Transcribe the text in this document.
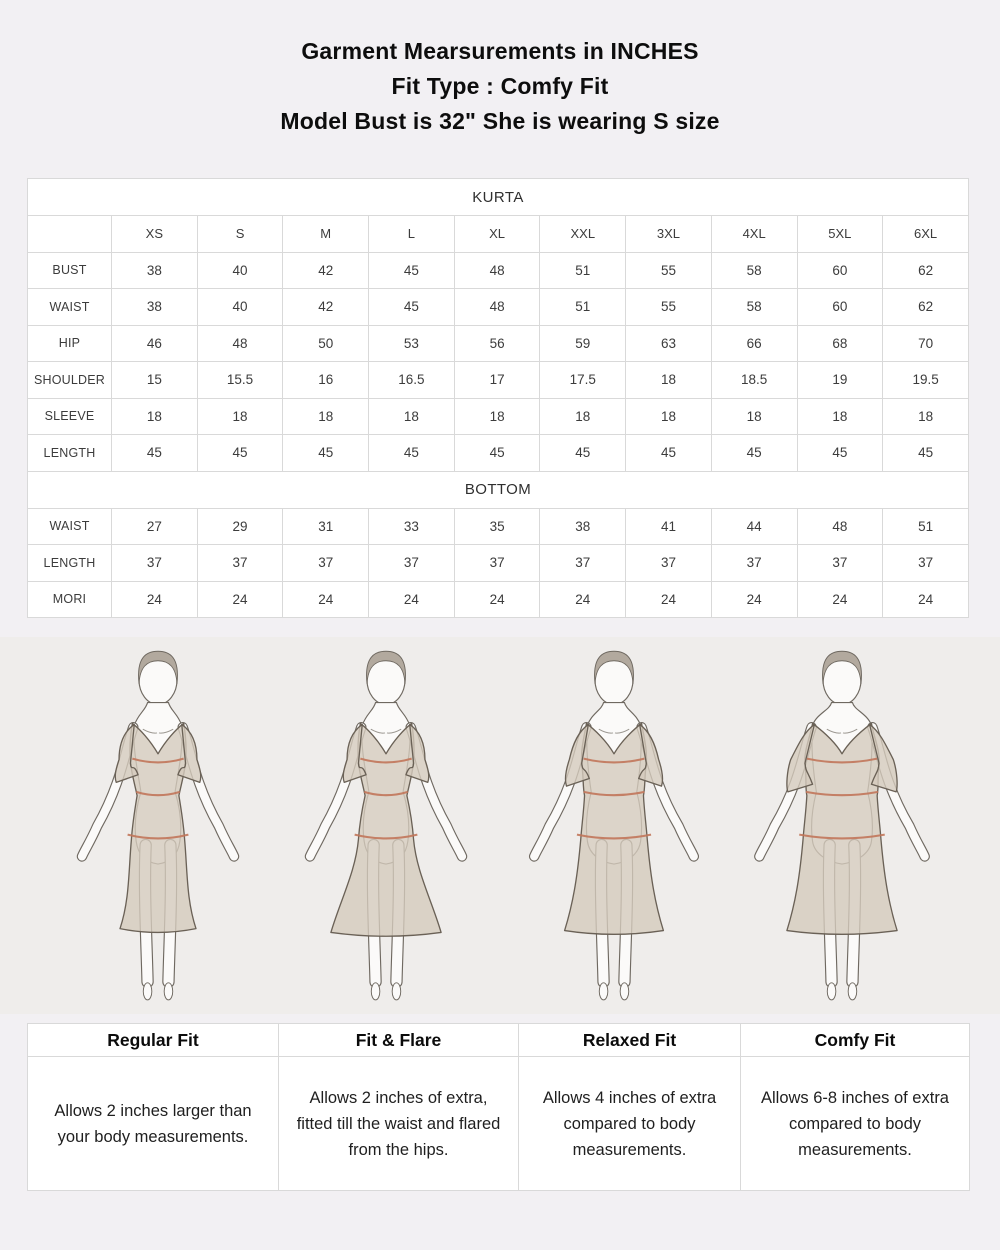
Garment Mearsurements in INCHES
Fit Type : Comfy Fit
Model Bust is 32" She is wearing S size
KURTA										
	XS	S	M	L	XL	XXL	3XL	4XL	5XL	6XL
BUST	38	40	42	45	48	51	55	58	60	62
WAIST	38	40	42	45	48	51	55	58	60	62
HIP	46	48	50	53	56	59	63	66	68	70
SHOULDER	15	15.5	16	16.5	17	17.5	18	18.5	19	19.5
SLEEVE	18	18	18	18	18	18	18	18	18	18
LENGTH	45	45	45	45	45	45	45	45	45	45
BOTTOM										
WAIST	27	29	31	33	35	38	41	44	48	51
LENGTH	37	37	37	37	37	37	37	37	37	37
MORI	24	24	24	24	24	24	24	24	24	24
Regular Fit	Fit & Flare	Relaxed Fit	Comfy Fit
Allows 2 inches larger than your body measurements.	Allows 2 inches of extra, fitted till the waist and flared from the hips.	Allows 4 inches of extra compared to body measurements.	Allows 6-8 inches of extra compared to body measurements.
